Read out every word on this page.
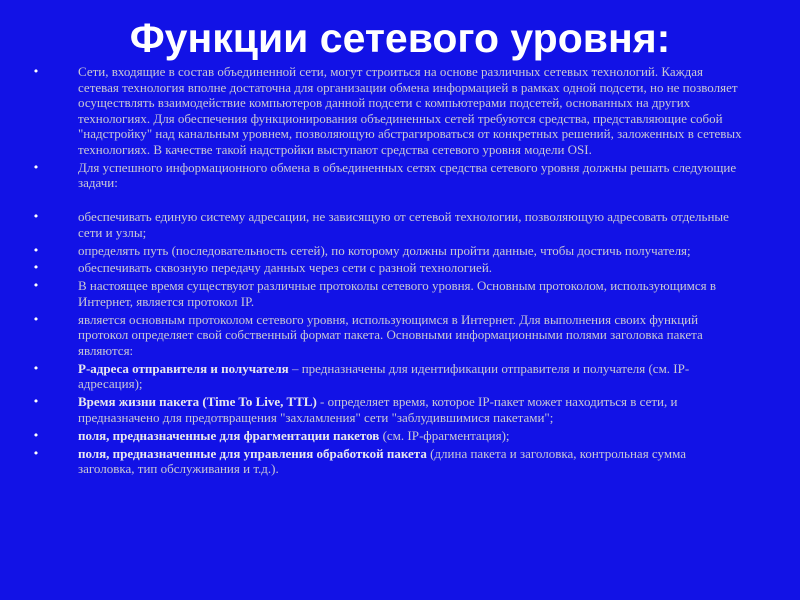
Функции сетевого уровня:
•	Сети, входящие в состав объединенной сети, могут строиться на основе различных сетевых технологий. Каждая сетевая технология вполне достаточна для организации обмена информацией в рамках одной подсети, но не позволяет осуществлять взаимодействие компьютеров данной подсети с компьютерами подсетей, основанных на других технологиях. Для обеспечения функционирования объединенных сетей требуются средства, представляющие собой "надстройку" над канальным уровнем, позволяющую абстрагироваться от конкретных решений, заложенных в сетевых технологиях. В качестве такой надстройки выступают средства сетевого уровня модели OSI.
•	Для успешного информационного обмена в объединенных сетях средства сетевого уровня должны решать следующие задачи:
•	обеспечивать единую систему адресации, не зависящую от сетевой технологии, позволяющую адресовать отдельные сети и узлы;
•	определять путь (последовательность сетей), по которому должны пройти данные, чтобы достичь получателя;
•	обеспечивать сквозную передачу данных через сети с разной технологией.
•	В настоящее время существуют различные протоколы сетевого уровня. Основным протоколом, использующимся в Интернет, является протокол IP.
•	является основным протоколом сетевого уровня, использующимся в Интернет. Для выполнения своих функций протокол определяет свой собственный формат пакета. Основными информационными полями заголовка пакета являются:
•	P-адреса отправителя и получателя – предназначены для идентификации отправителя и получателя (см. IP-адресация);
•	Время жизни пакета (Time To Live, TTL) - определяет время, которое IP-пакет может находиться в сети, и предназначено для предотвращения "захламления" сети "заблудившимися пакетами";
•	поля, предназначенные для фрагментации пакетов (см. IP-фрагментация);
•	поля, предназначенные для управления обработкой пакета (длина пакета и заголовка, контрольная сумма заголовка, тип обслуживания и т.д.).
